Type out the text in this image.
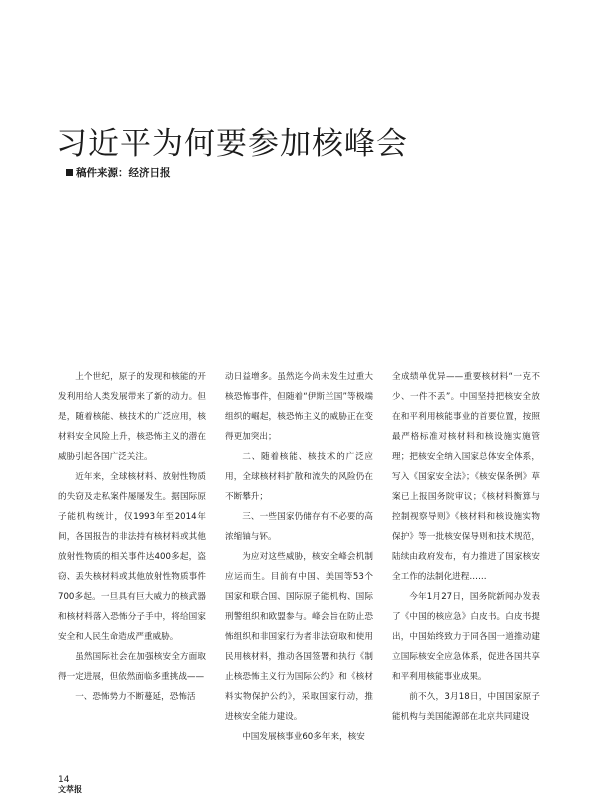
习近平为何要参加核峰会
稿件来源：经济日报

上个世纪，原子的发现和核能的开发利用给人类发展带来了新的动力。但是，随着核能、核技术的广泛应用，核材料安全风险上升，核恐怖主义的潜在威胁引起各国广泛关注。

近年来，全球核材料、放射性物质的失窃及走私案件屡屡发生。据国际原子能机构统计，仅1993年至2014年间，各国报告的非法持有核材料或其他放射性物质的相关事件达400多起，盗窃、丢失核材料或其他放射性物质事件700多起。一旦具有巨大威力的核武器和核材料落入恐怖分子手中，将给国家安全和人民生命造成严重威胁。

虽然国际社会在加强核安全方面取得一定进展，但依然面临多重挑战——

一、恐怖势力不断蔓延，恐怖活

动日益增多。虽然迄今尚未发生过重大核恐怖事件，但随着“伊斯兰国”等极端组织的崛起，核恐怖主义的威胁正在变得更加突出；

二、随着核能、核技术的广泛应用，全球核材料扩散和流失的风险仍在不断攀升；

三、一些国家仍储存有不必要的高浓缩铀与钚。

为应对这些威胁，核安全峰会机制应运而生。目前有中国、美国等53个国家和联合国、国际原子能机构、国际刑警组织和欧盟参与。峰会旨在防止恐怖组织和非国家行为者非法窃取和使用民用核材料，推动各国签署和执行《制止核恐怖主义行为国际公约》和《核材料实物保护公约》，采取国家行动，推进核安全能力建设。

中国发展核事业60多年来，核安

全成绩单优异——重要核材料“一克不少、一件不丢”。中国坚持把核安全放在和平利用核能事业的首要位置，按照最严格标准对核材料和核设施实施管理；把核安全纳入国家总体安全体系，写入《国家安全法》；《核安保条例》草案已上报国务院审议；《核材料衡算与控制视察导则》《核材料和核设施实物保护》等一批核安保导则和技术规范，陆续由政府发布，有力推进了国家核安全工作的法制化进程……

今年1月27日，国务院新闻办发表了《中国的核应急》白皮书。白皮书提出，中国始终致力于同各国一道推动建立国际核安全应急体系，促进各国共享和平利用核能事业成果。

前不久，3月18日，中国国家原子能机构与美国能源部在北京共同建设

14
文萃报
